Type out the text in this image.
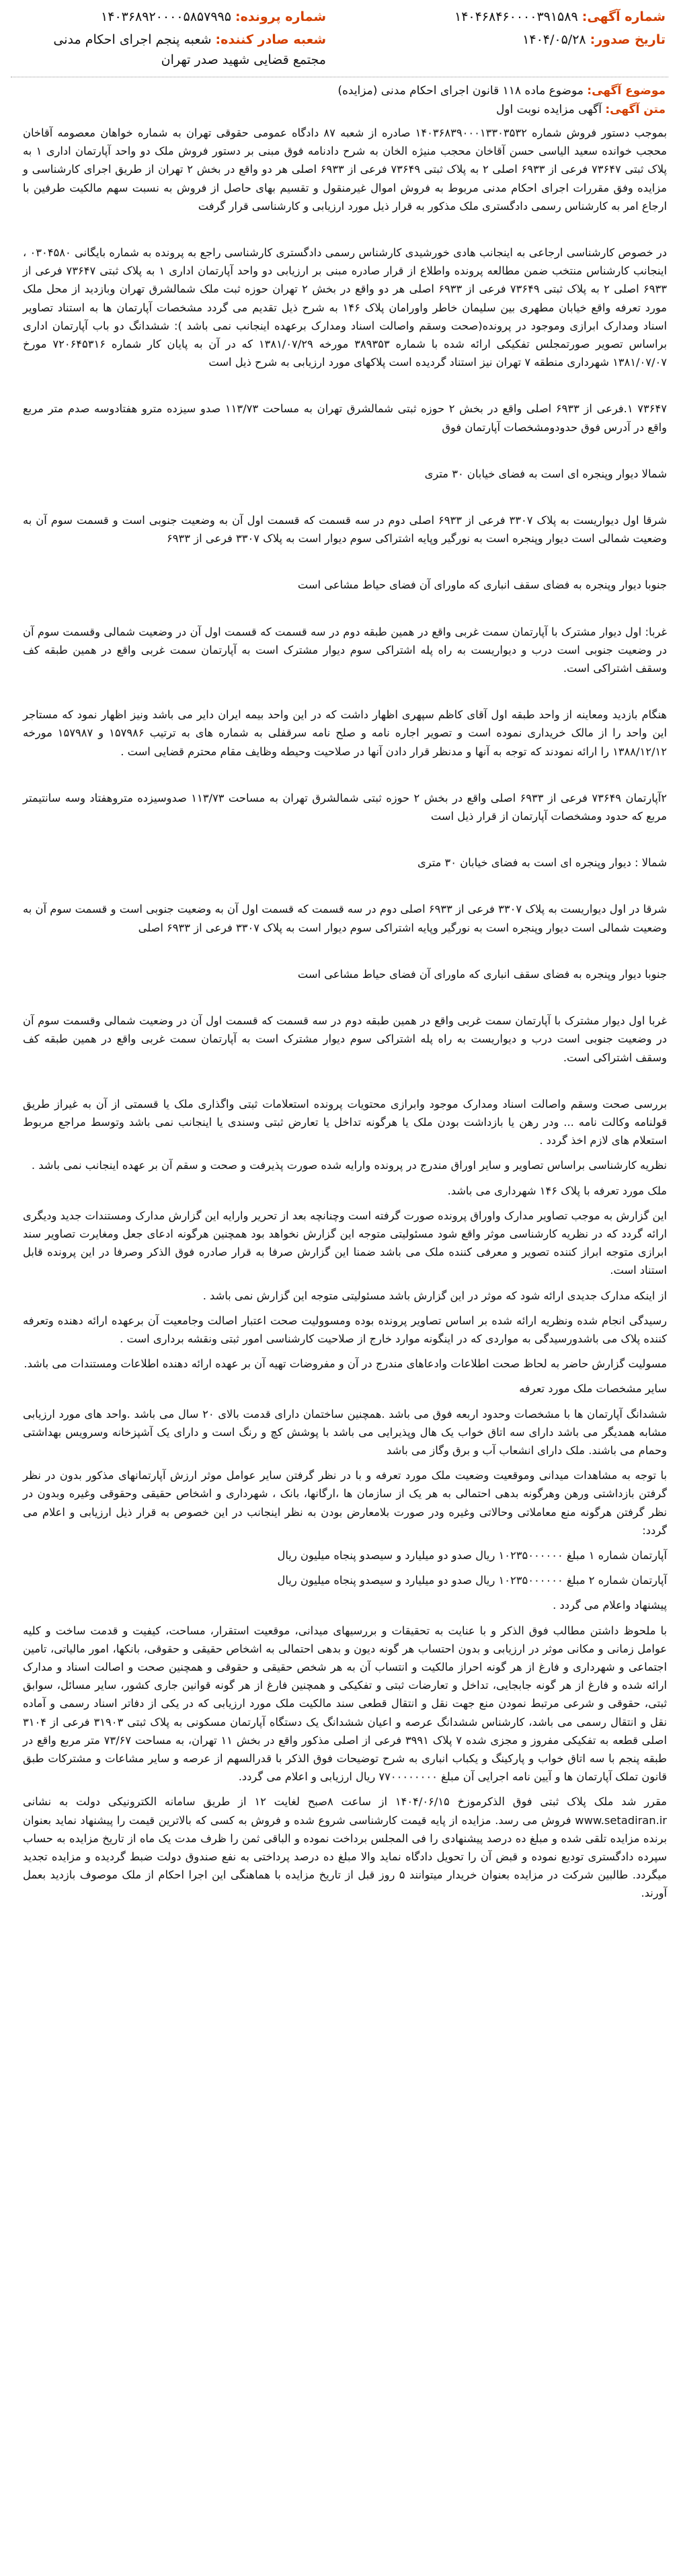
شماره آگهی: ۱۴۰۴۶۸۴۶۰۰۰۰۳۹۱۵۸۹
شماره پرونده: ۱۴۰۳۶۸۹۲۰۰۰۰۵۸۵۷۹۹۵
تاریخ صدور: ۱۴۰۴/۰۵/۲۸
شعبه صادر کننده: شعبه پنجم اجرای احکام مدنی مجتمع قضایی شهید صدر تهران
موضوع آگهی: موضوع ماده ۱۱۸ قانون اجرای احکام مدنی (مزایده)
متن آگهی: آگهی مزایده نوبت اول

بموجب دستور فروش شماره ۱۴۰۳۶۸۳۹۰۰۰۱۳۳۰۳۵۳۲ صادره از شعبه ۸۷ دادگاه عمومی حقوقی تهران به شماره خواهان معصومه آقاخان محجب خوانده سعید الیاسی حسن آقاخان محجب منیژه الخان به شرح دادنامه فوق مبنی بر دستور فروش ملک دو واحد آپارتمان اداری ۱ به پلاک ثبتی ۷۳۶۴۷ فرعی از ۶۹۳۳ اصلی ۲ به پلاک ثبتی ۷۳۶۴۹ فرعی از ۶۹۳۳ اصلی هر دو واقع در بخش ۲ تهران از طریق اجرای کارشناسی و مزایده وفق مقررات اجرای احکام مدنی مربوط به فروش اموال غیرمنقول و تقسیم بهای حاصل از فروش به نسبت سهم مالکیت طرفین با ارجاع امر به کارشناس رسمی دادگستری ملک مذکور به قرار ذیل مورد ارزیابی و کارشناسی قرار گرفت

در خصوص کارشناسی ارجاعی به اینجانب هادی خورشیدی کارشناس رسمی دادگستری کارشناسی راجع به پرونده به شماره بایگانی ۰۳۰۴۵۸۰ ، اینجانب کارشناس منتخب ضمن مطالعه پرونده واطلاع از قرار صادره مبنی بر ارزیابی دو واحد آپارتمان اداری ۱ به پلاک ثبتی ۷۳۶۴۷ فرعی از ۶۹۳۳ اصلی ۲ به پلاک ثبتی ۷۳۶۴۹ فرعی از ۶۹۳۳ اصلی هر دو واقع در بخش ۲ تهران حوزه ثبت ملک شمالشرق تهران وبازدید از محل ملک مورد تعرفه واقع خیابان مطهری بین سلیمان خاطر واورامان پلاک ۱۴۶ به شرح ذیل تقدیم می گردد مشخصات آپارتمان ها به استناد تصاویر اسناد ومدارک ابرازی وموجود در پرونده(صحت وسقم واصالت اسناد ومدارک برعهده اینجانب نمی باشد ): ششدانگ دو باب آپارتمان اداری براساس تصویر صورتمجلس تفکیکی ارائه شده با شماره ۳۸۹۳۵۳ مورخه ۱۳۸۱/۰۷/۲۹ که در آن به پایان کار شماره ۷۲۰۶۴۵۳۱۶ مورخ ۱۳۸۱/۰۷/۰۷ شهرداری منطقه ۷ تهران نیز استناد گردیده است پلاکهای مورد ارزیابی به شرح ذیل است

۷۳۶۴۷ ۱.فرعی از ۶۹۳۳ اصلی واقع در بخش ۲ حوزه ثبتی شمالشرق تهران به مساحت ۱۱۳/۷۳ صدو سیزده مترو هفتادوسه صدم متر مربع واقع در آدرس فوق حدودومشخصات آپارتمان فوق

شمالا دیوار وپنجره ای است به فضای خیابان ۳۰ متری

شرقا اول دیواریست به پلاک ۳۳۰۷ فرعی از ۶۹۳۳ اصلی دوم در سه قسمت که قسمت اول آن به وضعیت جنوبی است و قسمت سوم آن به وضعیت شمالی است دیوار وپنجره است به نورگیر وپایه اشتراکی سوم دیوار است به پلاک ۳۳۰۷ فرعی از ۶۹۳۳

جنوبا دیوار وپنجره به فضای سقف انباری که ماورای آن فضای حیاط مشاعی است

غربا: اول دیوار مشترک با آپارتمان سمت غربی واقع در همین طبقه دوم در سه قسمت که قسمت اول آن در وضعیت شمالی وقسمت سوم آن در وضعیت جنوبی است درب و دیواریست به راه پله اشتراکی سوم دیوار مشترک است به آپارتمان سمت غربی واقع در همین طبقه کف وسقف اشتراکی است.

هنگام بازدید ومعاینه از واحد طبقه اول آقای کاظم سپهری اظهار داشت که در این واحد بیمه ایران دایر می باشد ونیز اظهار نمود که مستاجر این واحد را از مالک خریداری نموده است و تصویر اجاره نامه و صلح نامه سرقفلی به شماره های به ترتیب ۱۵۷۹۸۶ و ۱۵۷۹۸۷ مورخه ۱۳۸۸/۱۲/۱۲ را ارائه نمودند که توجه به آنها و مدنظر قرار دادن آنها در صلاحیت وحیطه وظایف مقام محترم قضایی است .

۲آپارتمان ۷۳۶۴۹ فرعی از ۶۹۳۳ اصلی واقع در بخش ۲ حوزه ثبتی شمالشرق تهران به مساحت ۱۱۳/۷۳ صدوسیزده متروهفتاد وسه سانتیمتر مربع که حدود ومشخصات آپارتمان از قرار ذیل است

شمالا : دیوار وپنجره ای است به فضای خیابان ۳۰ متری

شرقا در اول دیواریست به پلاک ۳۳۰۷ فرعی از ۶۹۳۳ اصلی دوم در سه قسمت که قسمت اول آن به وضعیت جنوبی است و قسمت سوم آن به وضعیت شمالی است دیوار وپنجره است به نورگیر وپایه اشتراکی سوم دیوار است به پلاک ۳۳۰۷ فرعی از ۶۹۳۳ اصلی

جنوبا دیوار وپنجره به فضای سقف انباری که ماورای آن فضای حیاط مشاعی است

غربا اول دیوار مشترک با آپارتمان سمت غربی واقع در همین طبقه دوم در سه قسمت که قسمت اول آن در وضعیت شمالی وقسمت سوم آن در وضعیت جنوبی است درب و دیواریست به راه پله اشتراکی سوم دیوار مشترک است به آپارتمان سمت غربی واقع در همین طبقه کف وسقف اشتراکی است.

بررسی صحت وسقم واصالت اسناد ومدارک موجود وابرازی محتویات پرونده استعلامات ثبتی واگذاری ملک یا قسمتی از آن به غیراز طریق قولنامه وکالت نامه ... ودر رهن یا بازداشت بودن ملک یا هرگونه تداخل یا تعارض ثبتی وسندی یا اینجانب نمی باشد وتوسط مراجع مربوط استعلام های لازم اخذ گردد .

نظریه کارشناسی براساس تصاویر و سایر اوراق مندرج در پرونده وارایه شده صورت پذیرفت و صحت و سقم آن بر عهده اینجانب نمی باشد .

ملک مورد تعرفه با پلاک ۱۴۶ شهرداری می باشد.

این گزارش به موجب تصاویر مدارک واوراق پرونده صورت گرفته است وچنانچه بعد از تحریر وارایه این گزارش مدارک ومستندات جدید ودیگری ارائه گردد که در نظریه کارشناسی موثر واقع شود مسئولیتی متوجه این گزارش نخواهد بود همچنین هرگونه ادعای جعل ومغایرت تصاویر سند ابرازی متوجه ابراز کننده تصویر و معرفی کننده ملک می باشد ضمنا این گزارش صرفا به قرار صادره فوق الذکر وصرفا در این پرونده قابل استناد است.

از اینکه مدارک جدیدی ارائه شود که موثر در این گزارش باشد مسئولیتی متوجه این گزارش نمی باشد .

رسیدگی انجام شده ونظریه ارائه شده بر اساس تصاویر پرونده بوده ومسوولیت صحت اعتبار اصالت وجامعیت آن برعهده ارائه دهنده وتعرفه کننده پلاک می باشدورسیدگی به مواردی که در اینگونه موارد خارج از صلاحیت کارشناسی امور ثبتی ونقشه برداری است .

مسولیت گزارش حاضر به لحاظ صحت اطلاعات وادعاهای مندرج در آن و مفروضات تهیه آن بر عهده ارائه دهنده اطلاعات ومستندات می باشد.

سایر مشخصات ملک مورد تعرفه

ششدانگ آپارتمان ها با مشخصات وحدود اربعه فوق می باشد .همچنین ساختمان دارای قدمت بالای ۲۰ سال می باشد .واحد های مورد ارزیابی مشابه همدیگر می باشد دارای سه اتاق خواب یک هال وپذیرایی می باشد با پوشش کچ و رنگ است و دارای یک آشپزخانه وسرویس بهداشتی وحمام می باشند. ملک دارای انشعاب آب و برق وگاز می باشد

با توجه به مشاهدات میدانی وموقعیت وضعیت ملک مورد تعرفه و با در نظر گرفتن سایر عوامل موثر ارزش آپارتمانهای مذکور بدون در نظر گرفتن بازداشتی ورهن وهرگونه بدهی احتمالی به هر یک از سازمان ها ،ارگانها، بانک ، شهرداری و اشخاص حقیقی وحقوقی وغیره وبدون در نظر گرفتن هرگونه منع معاملاتی وحالاتی وغیره ودر صورت بلامعارض بودن به نظر اینجانب در این خصوص به قرار ذیل ارزیابی و اعلام می گردد:

آپارتمان شماره ۱ مبلغ ۱۰۲۳۵۰۰۰۰۰۰ ریال صدو دو میلیارد و سیصدو پنجاه میلیون ریال

آپارتمان شماره ۲ مبلغ ۱۰۲۳۵۰۰۰۰۰۰ ریال صدو دو میلیارد و سیصدو پنجاه میلیون ریال

پیشنهاد واعلام می گردد .

با ملحوظ داشتن مطالب فوق الذکر و با عنایت به تحقیقات و بررسیهای میدانی، موقعیت استقرار، مساحت، کیفیت و قدمت ساخت و کلیه عوامل زمانی و مکانی موثر در ارزیابی و بدون احتساب هر گونه دیون و بدهی احتمالی به اشخاص حقیقی و حقوقی، بانکها، امور مالیاتی، تامین اجتماعی و شهرداری و فارغ از هر گونه احراز مالکیت و انتساب آن به هر شخص حقیقی و حقوقی و همچنین صحت و اصالت اسناد و مدارک ارائه شده و فارغ از هر گونه جابجایی، تداخل و تعارضات ثبتی و تفکیکی و همچنین فارغ از هر گونه قوانین جاری کشور، سایر مسائل، سوابق ثبتی، حقوقی و شرعی مرتبط نمودن منع جهت نقل و انتقال قطعی سند مالکیت ملک مورد ارزیابی که در یکی از دفاتر اسناد رسمی و آماده نقل و انتقال رسمی می باشد، کارشناس ششدانگ عرصه و اعیان ششدانگ یک دستگاه آپارتمان مسکونی به پلاک ثبتی ۳۱۹۰۳ فرعی از ۳۱۰۴ اصلی قطعه به تفکیکی مفروز و مجزی شده ۷ پلاک ۳۹۹۱ فرعی از اصلی مذکور واقع در بخش ۱۱ تهران، به مساحت ۷۳/۶۷ متر مربع واقع در طبقه پنجم با سه اتاق خواب و پارکینگ و یکباب انباری به شرح توضیحات فوق الذکر با قدرالسهم از عرصه و سایر مشاعات و مشترکات طبق قانون تملک آپارتمان ها و آیین نامه اجرایی آن مبلغ ۷۷۰۰۰۰۰۰۰۰ ریال ارزیابی و اعلام می گردد.

مقرر شد ملک پلاک ثبتی فوق الذکرموزخ ۱۴۰۴/۰۶/۱۵ از ساعت ۸صبح لغایت ۱۲ از طریق سامانه الکترونیکی دولت به نشانی www.setadiran.ir فروش می رسد. مزایده از پایه قیمت کارشناسی شروع شده و فروش به کسی که بالاترین قیمت را پیشنهاد نماید بعنوان برنده مزایده تلقی شده و مبلغ ده درصد پیشنهادی را فی المجلس برداخت نموده و الباقی ثمن را ظرف مدت یک ماه از تاریخ مزایده به حساب سپرده دادگستری تودیع نموده و قبض آن را تحویل دادگاه نماید والا مبلغ ده درصد پرداختی به نفع صندوق دولت ضبط گردیده و مزایده تجدید میگردد. طالبین شرکت در مزایده بعنوان خریدار میتوانند ۵ روز قبل از تاریخ مزایده با هماهنگی این اجرا احکام از ملک موصوف بازدید بعمل آورند.
